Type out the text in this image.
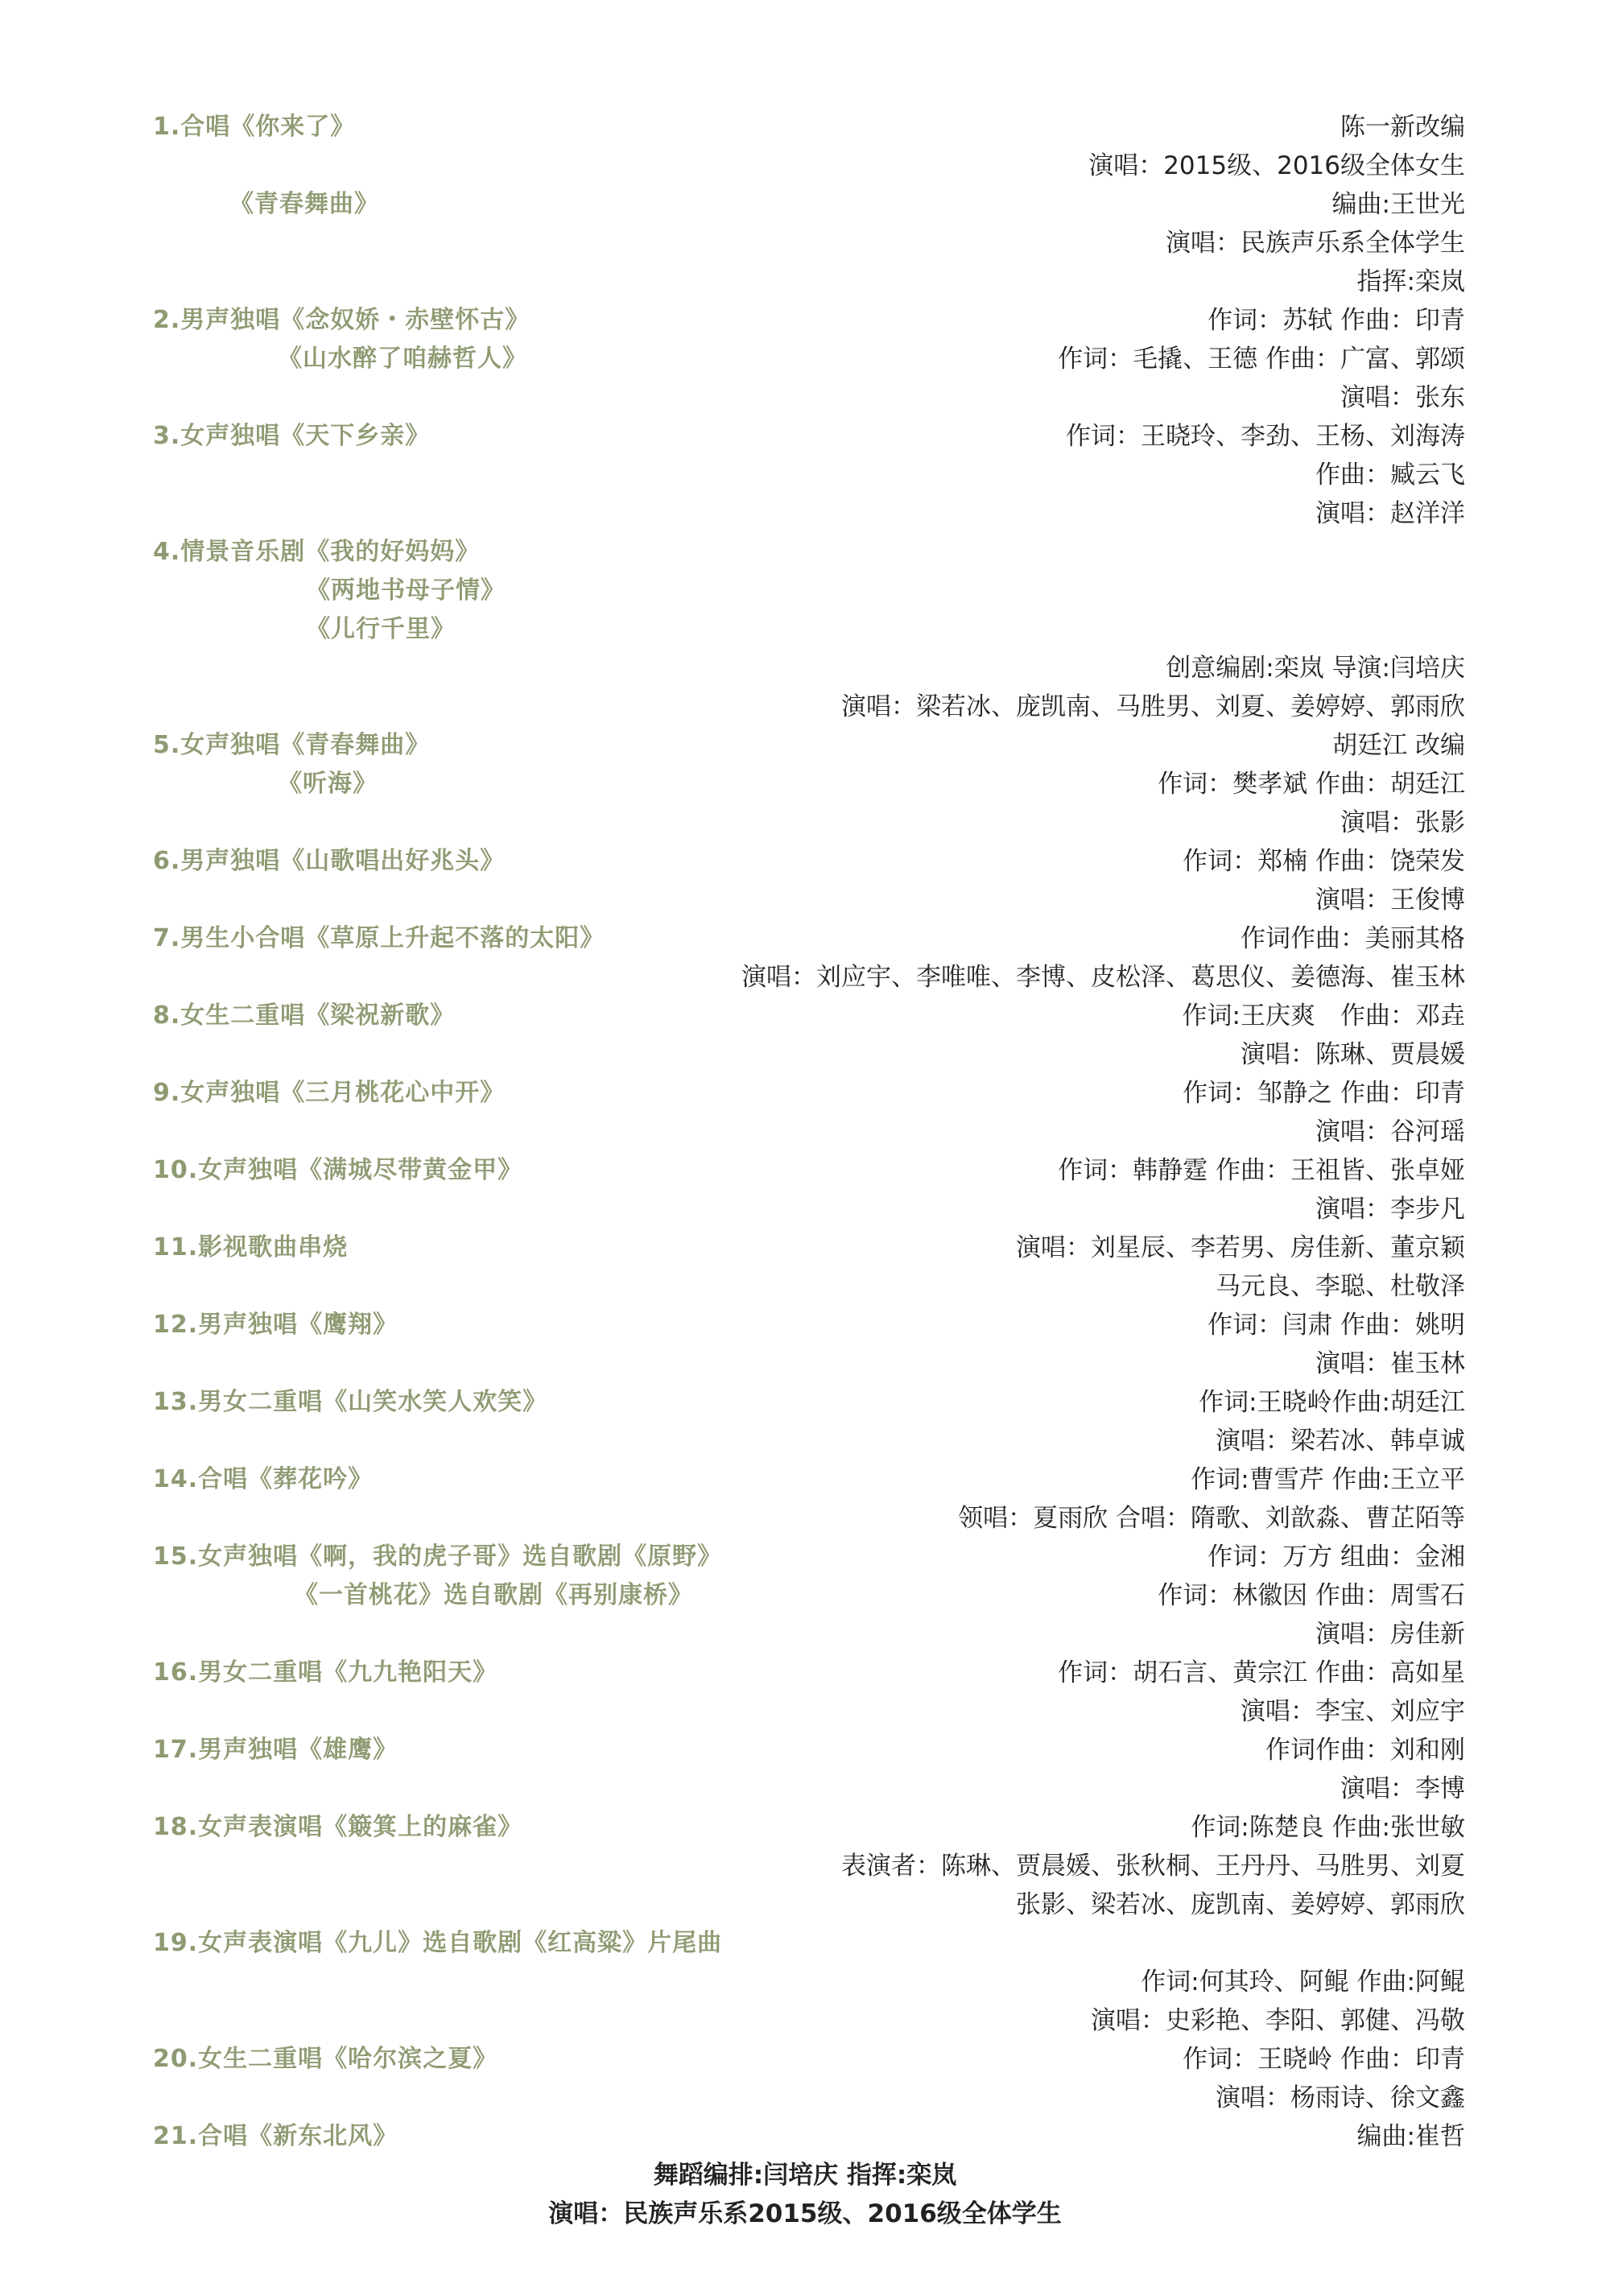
1.合唱《你来了》
《青春舞曲》
2.男声独唱《念奴娇・赤壁怀古》
《山水醉了咱赫哲人》
3.女声独唱《天下乡亲》
4.情景音乐剧《我的好妈妈》
《两地书母子情》
《儿行千里》
5.女声独唱《青春舞曲》
《听海》
6.男声独唱《山歌唱出好兆头》
7.男生小合唱《草原上升起不落的太阳》
8.女生二重唱《梁祝新歌》
9.女声独唱《三月桃花心中开》
10.女声独唱《满城尽带黄金甲》
11.影视歌曲串烧
12.男声独唱《鹰翔》
13.男女二重唱《山笑水笑人欢笑》
14.合唱《葬花吟》
15.女声独唱《啊，我的虎子哥》选自歌剧《原野》
《一首桃花》选自歌剧《再别康桥》
16.男女二重唱《九九艳阳天》
17.男声独唱《雄鹰》
18.女声表演唱《簸箕上的麻雀》
19.女声表演唱《九儿》选自歌剧《红高粱》片尾曲
20.女生二重唱《哈尔滨之夏》
21.合唱《新东北风》
陈一新改编
演唱：2015级、2016级全体女生
编曲:王世光
演唱：民族声乐系全体学生
指挥:栾岚
作词：苏轼 作曲：印青
作词：毛撬、王德 作曲：广富、郭颂
演唱：张东
作词：王晓玲、李劲、王杨、刘海涛
作曲：臧云飞
演唱：赵洋洋
创意编剧:栾岚 导演:闫培庆
演唱：梁若冰、庞凯南、马胜男、刘夏、姜婷婷、郭雨欣
胡廷江 改编
作词：樊孝斌 作曲：胡廷江
演唱：张影
作词：郑楠 作曲：饶荣发
演唱：王俊博
作词作曲：美丽其格
演唱：刘应宇、李唯唯、李博、皮松泽、葛思仪、姜德海、崔玉林
作词:王庆爽　作曲：邓垚
演唱：陈琳、贾晨媛
作词：邹静之 作曲：印青
演唱：谷河瑶
作词：韩静霆 作曲：王祖皆、张卓娅
演唱：李步凡
演唱：刘星辰、李若男、房佳新、董京颖
马元良、李聪、杜敬泽
作词：闫肃 作曲：姚明
演唱：崔玉林
作词:王晓岭作曲:胡廷江
演唱：梁若冰、韩卓诚
作词:曹雪芹 作曲:王立平
领唱：夏雨欣 合唱：隋歌、刘歆淼、曹芷陌等
作词：万方 组曲：金湘
作词：林徽因 作曲：周雪石
演唱：房佳新
作词：胡石言、黄宗江 作曲：高如星
演唱：李宝、刘应宇
作词作曲：刘和刚
演唱：李博
作词:陈楚良 作曲:张世敏
表演者：陈琳、贾晨媛、张秋桐、王丹丹、马胜男、刘夏
张影、梁若冰、庞凯南、姜婷婷、郭雨欣
作词:何其玲、阿鲲 作曲:阿鲲
演唱：史彩艳、李阳、郭健、冯敬
作词：王晓岭 作曲：印青
演唱：杨雨诗、徐文鑫
编曲:崔哲
舞蹈编排:闫培庆 指挥:栾岚
演唱：民族声乐系2015级、2016级全体学生
